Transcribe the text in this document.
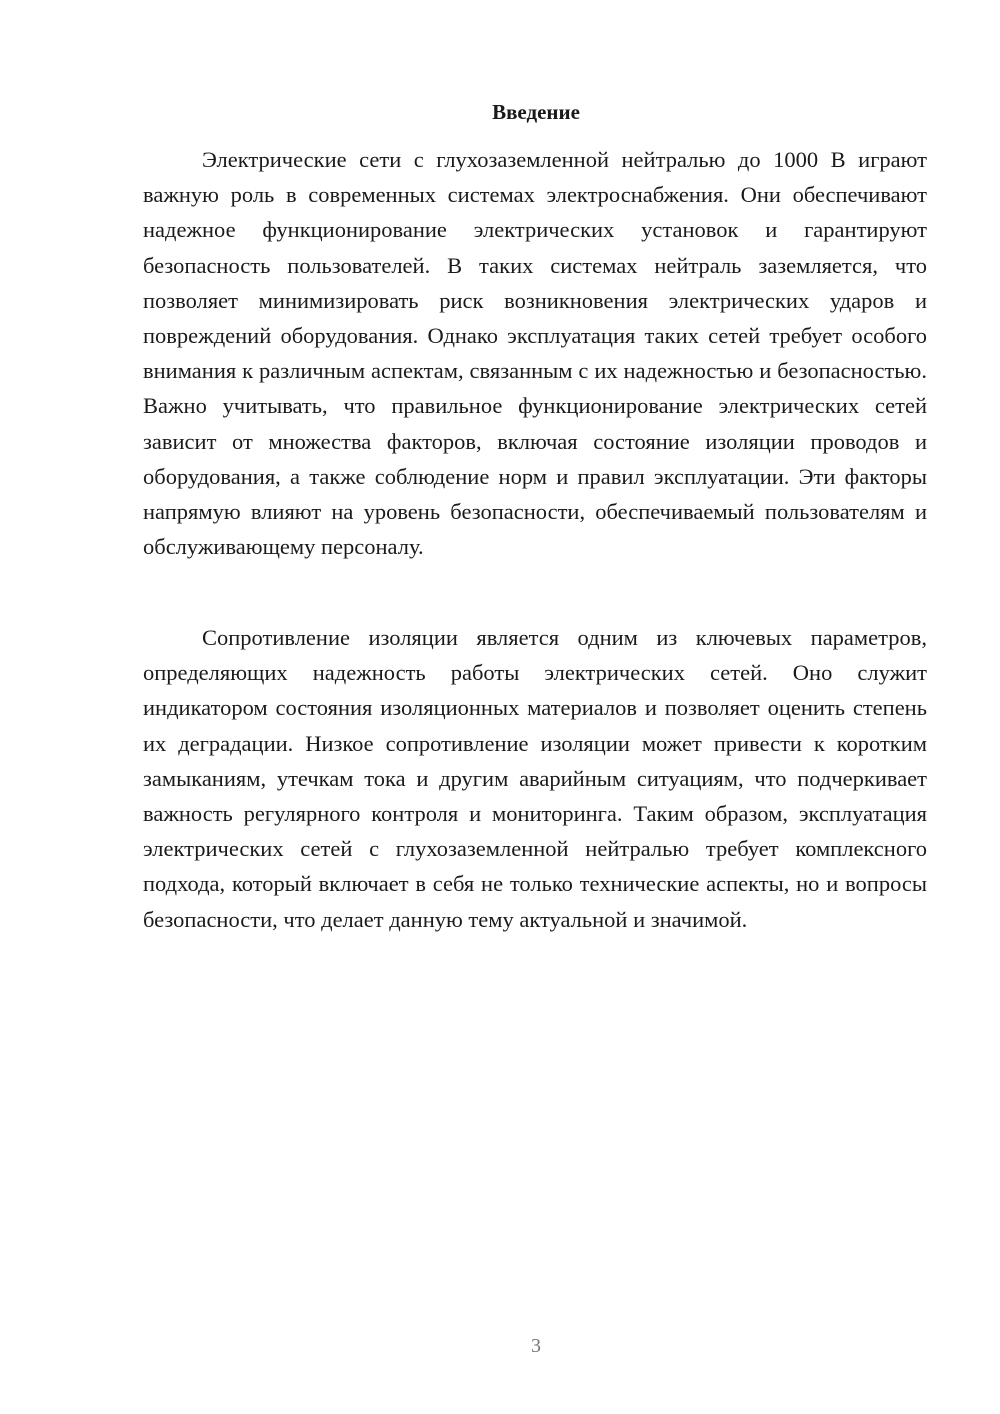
Введение

Электрические сети с глухозаземленной нейтралью до 1000 В играют важную роль в современных системах электроснабжения. Они обеспечивают надежное функционирование электрических установок и гарантируют безопасность пользователей. В таких системах нейтраль заземляется, что позволяет минимизировать риск возникновения электрических ударов и повреждений оборудования. Однако эксплуатация таких сетей требует особого внимания к различным аспектам, связанным с их надежностью и безопасностью. Важно учитывать, что правильное функционирование электрических сетей зависит от множества факторов, включая состояние изоляции проводов и оборудования, а также соблюдение норм и правил эксплуатации. Эти факторы напрямую влияют на уровень безопасности, обеспечиваемый пользователям и обслуживающему персоналу.

Сопротивление изоляции является одним из ключевых параметров, определяющих надежность работы электрических сетей. Оно служит индикатором состояния изоляционных материалов и позволяет оценить степень их деградации. Низкое сопротивление изоляции может привести к коротким замыканиям, утечкам тока и другим аварийным ситуациям, что подчеркивает важность регулярного контроля и мониторинга. Таким образом, эксплуатация электрических сетей с глухозаземленной нейтралью требует комплексного подхода, который включает в себя не только технические аспекты, но и вопросы безопасности, что делает данную тему актуальной и значимой.

3
